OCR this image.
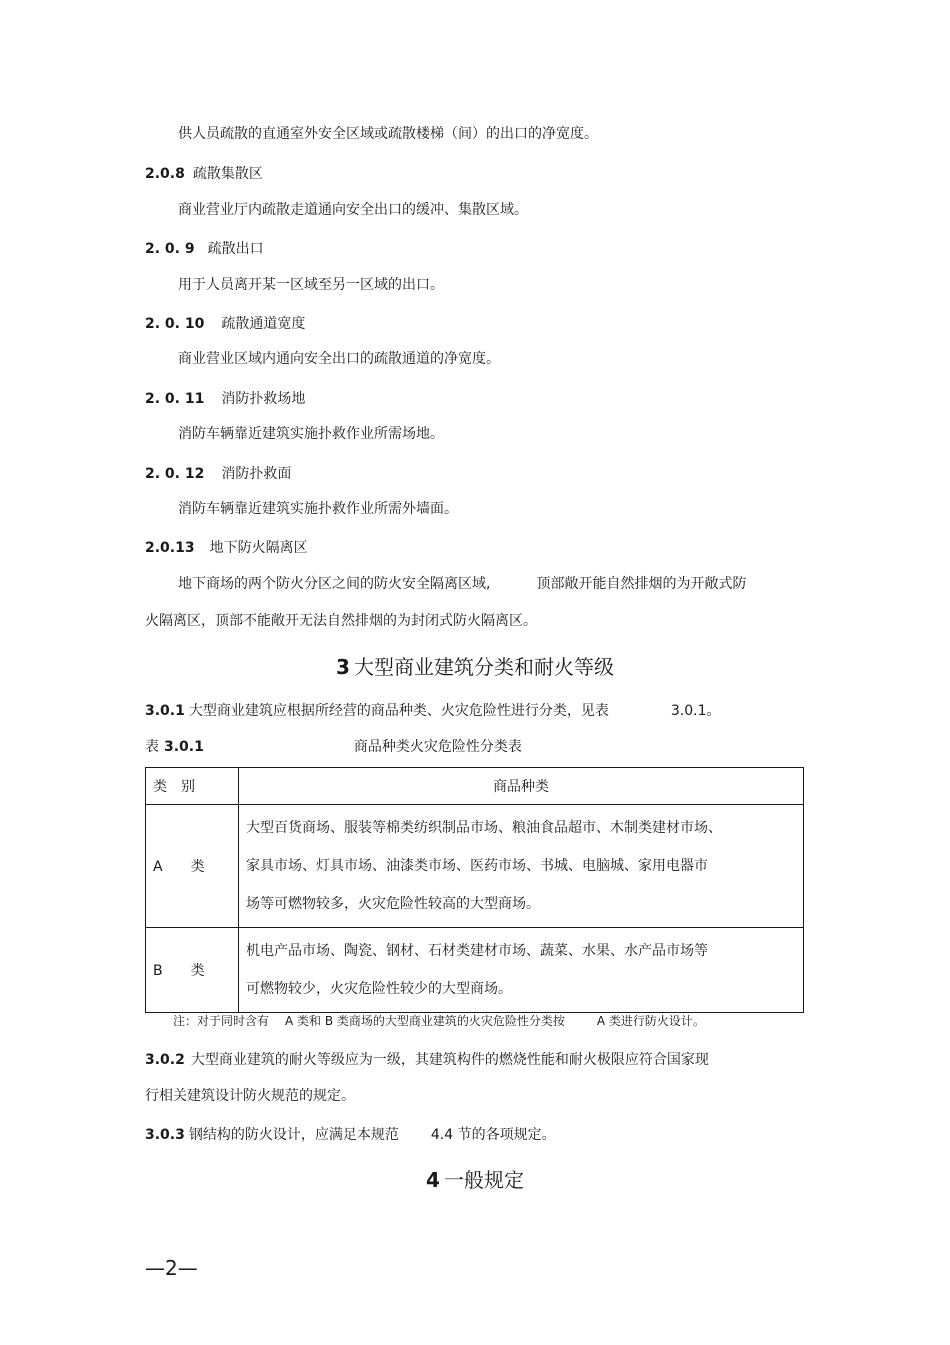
供人员疏散的直通室外安全区域或疏散楼梯（间）的出口的净宽度。
2.0.8 疏散集散区
商业营业厅内疏散走道通向安全出口的缓冲、集散区域。
2. 0. 9 疏散出口
用于人员离开某一区域至另一区域的出口。
2. 0. 10 疏散通道宽度
商业营业区域内通向安全出口的疏散通道的净宽度。
2. 0. 11 消防扑救场地
消防车辆靠近建筑实施扑救作业所需场地。
2. 0. 12 消防扑救面
消防车辆靠近建筑实施扑救作业所需外墙面。
2.0.13 地下防火隔离区
地下商场的两个防火分区之间的防火安全隔离区域,	顶部敞开能自然排烟的为开敞式防
火隔离区，顶部不能敞开无法自然排烟的为封闭式防火隔离区。
3 大型商业建筑分类和耐火等级
3.0.1 大型商业建筑应根据所经营的商品种类、火灾危险性进行分类，见表	3.0.1。
表 3.0.1	商品种类火灾危险性分类表
类　别	商品种类
A　　类	大型百货商场、服装等棉类纺织制品市场、粮油食品超市、木制类建材市场、
家具市场、灯具市场、油漆类市场、医药市场、书城、电脑城、家用电器市
场等可燃物较多，火灾危险性较高的大型商场。

B　　类	机电产品市场、陶瓷、钢材、石材类建材市场、蔬菜、水果、水产品市场等
可燃物较少，火灾危险性较少的大型商场。
注：对于同时含有 A 类和 B 类商场的大型商业建筑的火灾危险性分类按	A 类进行防火设计。
3.0.2 大型商业建筑的耐火等级应为一级，其建筑构件的燃烧性能和耐火极限应符合国家现
行相关建筑设计防火规范的规定。
3.0.3 钢结构的防火设计，应满足本规范 4.4 节的各项规定。
4 一般规定
—2—
